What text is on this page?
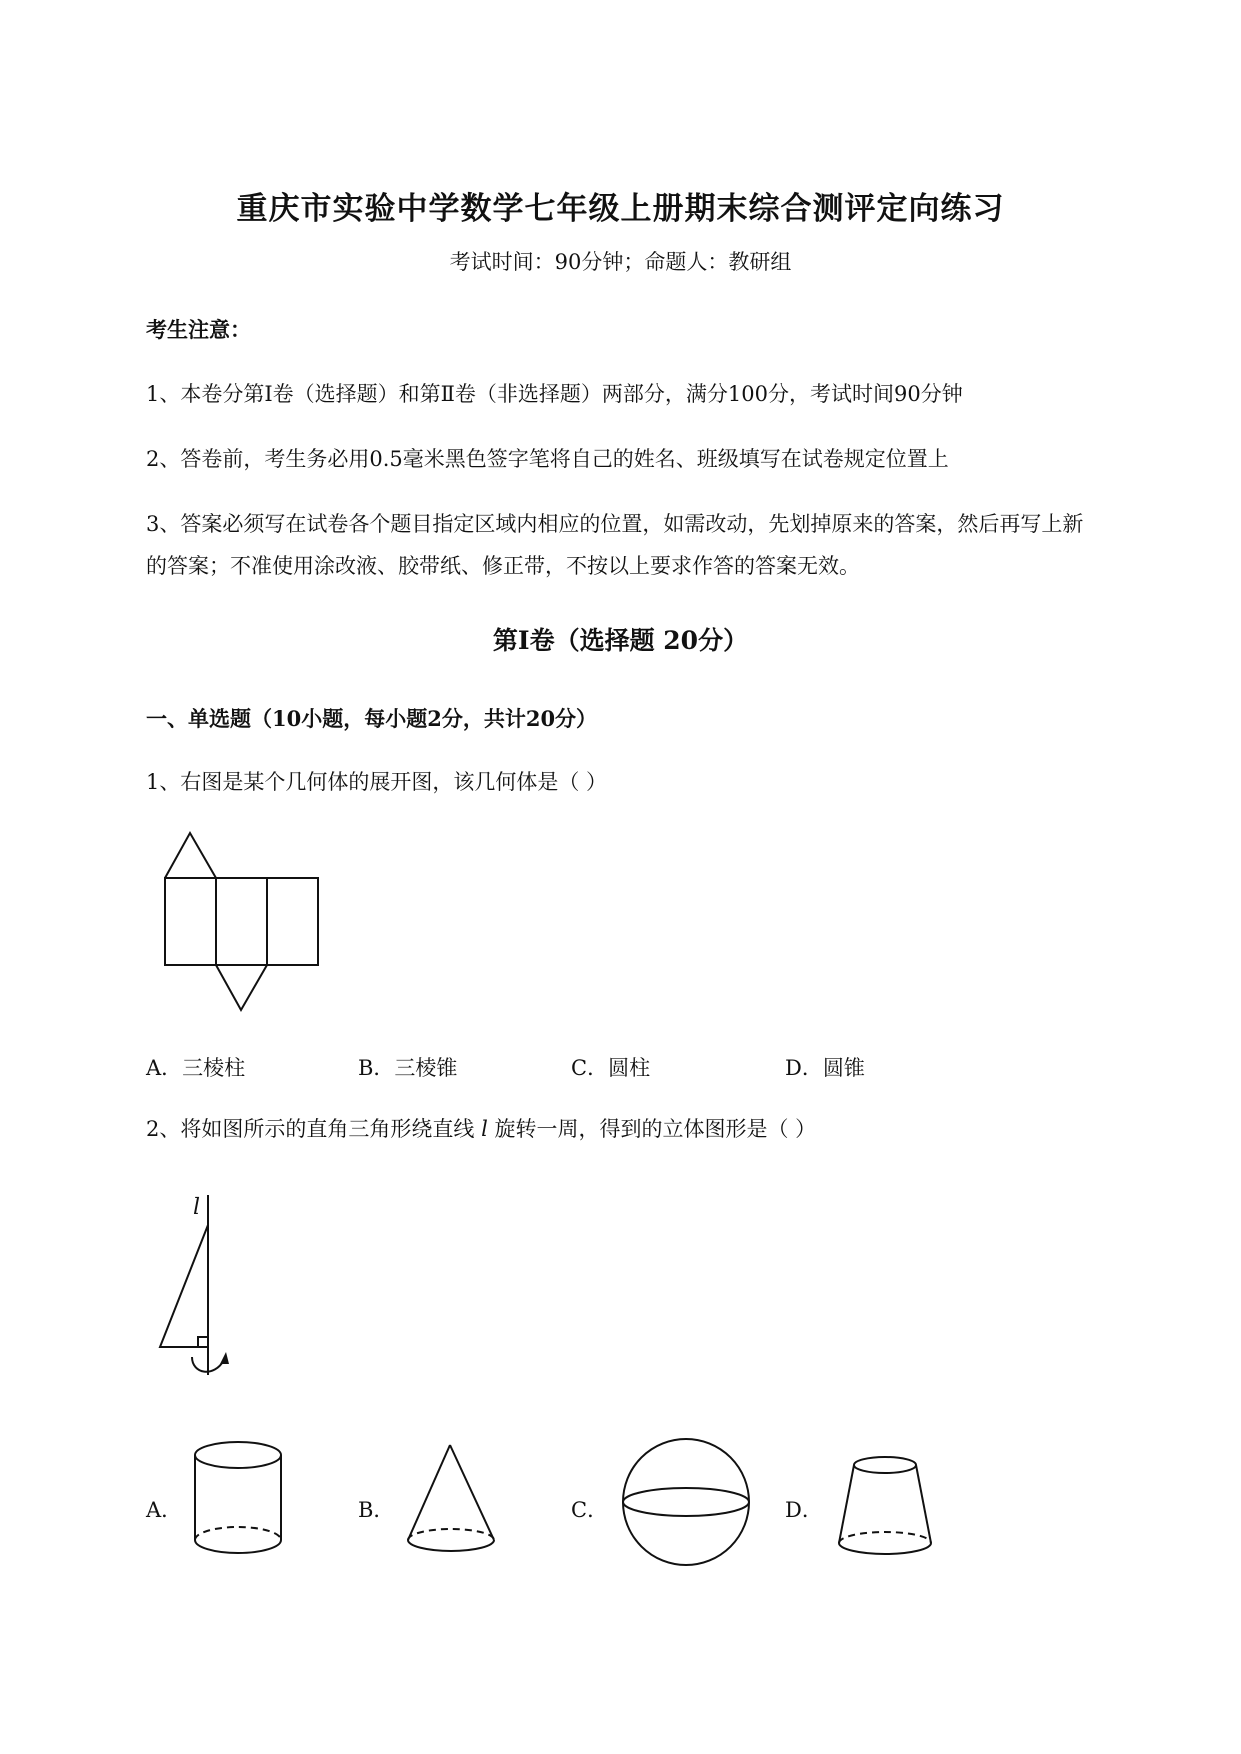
重庆市实验中学数学七年级上册期末综合测评定向练习
考试时间：90分钟；命题人：教研组
考生注意：
1、本卷分第Ⅰ卷（选择题）和第Ⅱ卷（非选择题）两部分，满分100分，考试时间90分钟
2、答卷前，考生务必用0.5毫米黑色签字笔将自己的姓名、班级填写在试卷规定位置上
3、答案必须写在试卷各个题目指定区域内相应的位置，如需改动，先划掉原来的答案，然后再写上新
的答案；不准使用涂改液、胶带纸、修正带，不按以上要求作答的答案无效。
第Ⅰ卷（选择题 20分）
一、单选题（10小题，每小题2分，共计20分）
1、右图是某个几何体的展开图，该几何体是（ ）
A．三棱柱	B．三棱锥	C．圆柱	D．圆锥
2、将如图所示的直角三角形绕直线 l 旋转一周，得到的立体图形是（ ）
l
A．	B．	C．	D．
